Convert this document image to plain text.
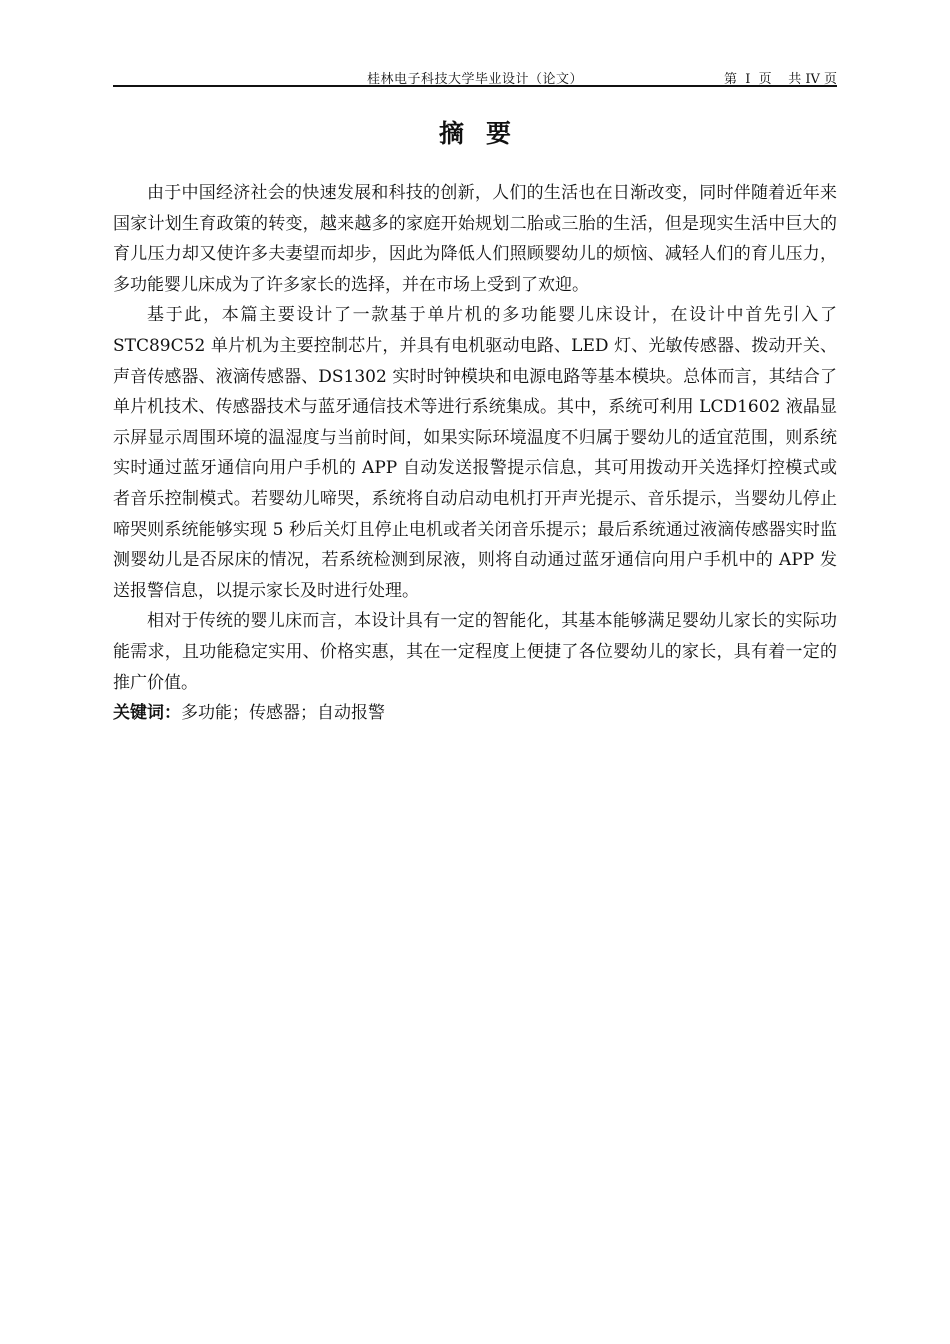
桂林电子科技大学毕业设计（论文）	第  I  页    共 IV 页
摘要

由于中国经济社会的快速发展和科技的创新，人们的生活也在日渐改变，同时伴随着近年来国家计划生育政策的转变，越来越多的家庭开始规划二胎或三胎的生活，但是现实生活中巨大的育儿压力却又使许多夫妻望而却步，因此为降低人们照顾婴幼儿的烦恼、减轻人们的育儿压力，多功能婴儿床成为了许多家长的选择，并在市场上受到了欢迎。

基于此，本篇主要设计了一款基于单片机的多功能婴儿床设计，在设计中首先引入了 STC89C52 单片机为主要控制芯片，并具有电机驱动电路、LED 灯、光敏传感器、拨动开关、声音传感器、液滴传感器、DS1302 实时时钟模块和电源电路等基本模块。总体而言，其结合了单片机技术、传感器技术与蓝牙通信技术等进行系统集成。其中，系统可利用 LCD1602 液晶显示屏显示周围环境的温湿度与当前时间，如果实际环境温度不归属于婴幼儿的适宜范围，则系统实时通过蓝牙通信向用户手机的 APP 自动发送报警提示信息，其可用拨动开关选择灯控模式或者音乐控制模式。若婴幼儿啼哭，系统将自动启动电机打开声光提示、音乐提示，当婴幼儿停止啼哭则系统能够实现 5 秒后关灯且停止电机或者关闭音乐提示；最后系统通过液滴传感器实时监测婴幼儿是否尿床的情况，若系统检测到尿液，则将自动通过蓝牙通信向用户手机中的 APP 发送报警信息，以提示家长及时进行处理。

相对于传统的婴儿床而言，本设计具有一定的智能化，其基本能够满足婴幼儿家长的实际功能需求，且功能稳定实用、价格实惠，其在一定程度上便捷了各位婴幼儿的家长，具有着一定的推广价值。

关键词：多功能；传感器；自动报警
